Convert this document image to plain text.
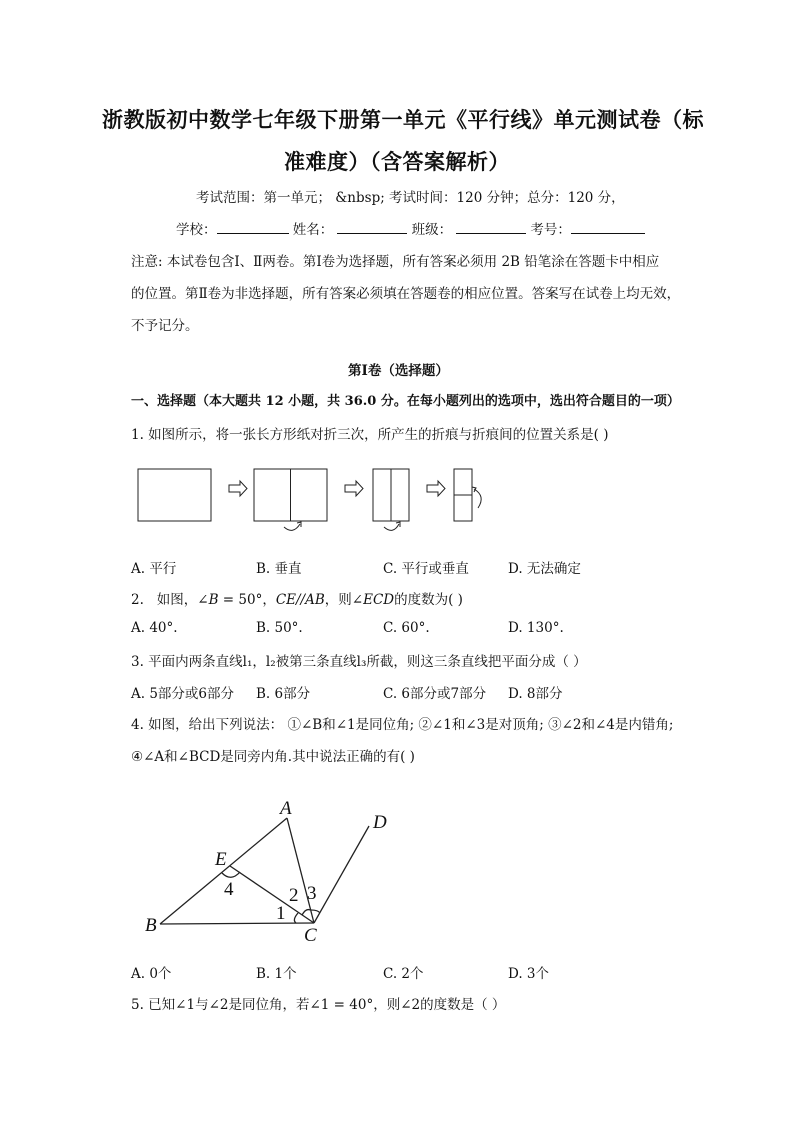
浙教版初中数学七年级下册第一单元《平行线》单元测试卷（标
准难度）（含答案解析）
考试范围：第一单元； &nbsp; 考试时间：120 分钟；总分：120 分，
学校：	姓名：	班级：	考号：
注意: 本试卷包含Ⅰ、Ⅱ两卷。第Ⅰ卷为选择题，所有答案必须用 2B 铅笔涂在答题卡中相应
的位置。第Ⅱ卷为非选择题，所有答案必须填在答题卷的相应位置。答案写在试卷上均无效，
不予记分。
第Ⅰ卷（选择题）
一、选择题（本大题共 12 小题，共 36.0 分。在每小题列出的选项中，选出符合题目的一项）
1. 如图所示，将一张长方形纸对折三次，所产生的折痕与折痕间的位置关系是( )
A. 平行	B. 垂直	C. 平行或垂直	D. 无法确定
2. 如图，∠B = 50°，CE//AB，则∠ECD的度数为( )
A. 40°.	B. 50°.	C. 60°.	D. 130°.
3. 平面内两条直线l₁，l₂被第三条直线l₃所截，则这三条直线把平面分成（ ）
A. 5部分或6部分 B. 6部分	C. 6部分或7部分 D. 8部分
4. 如图，给出下列说法： ①∠B和∠1是同位角; ②∠1和∠3是对顶角; ③∠2和∠4是内错角;
④∠A和∠BCD是同旁内角.其中说法正确的有( )
A
D
E
B	C
4
1
2 3
A. 0个	B. 1个	C. 2个	D. 3个
5. 已知∠1与∠2是同位角，若∠1 = 40°，则∠2的度数是（ ）
